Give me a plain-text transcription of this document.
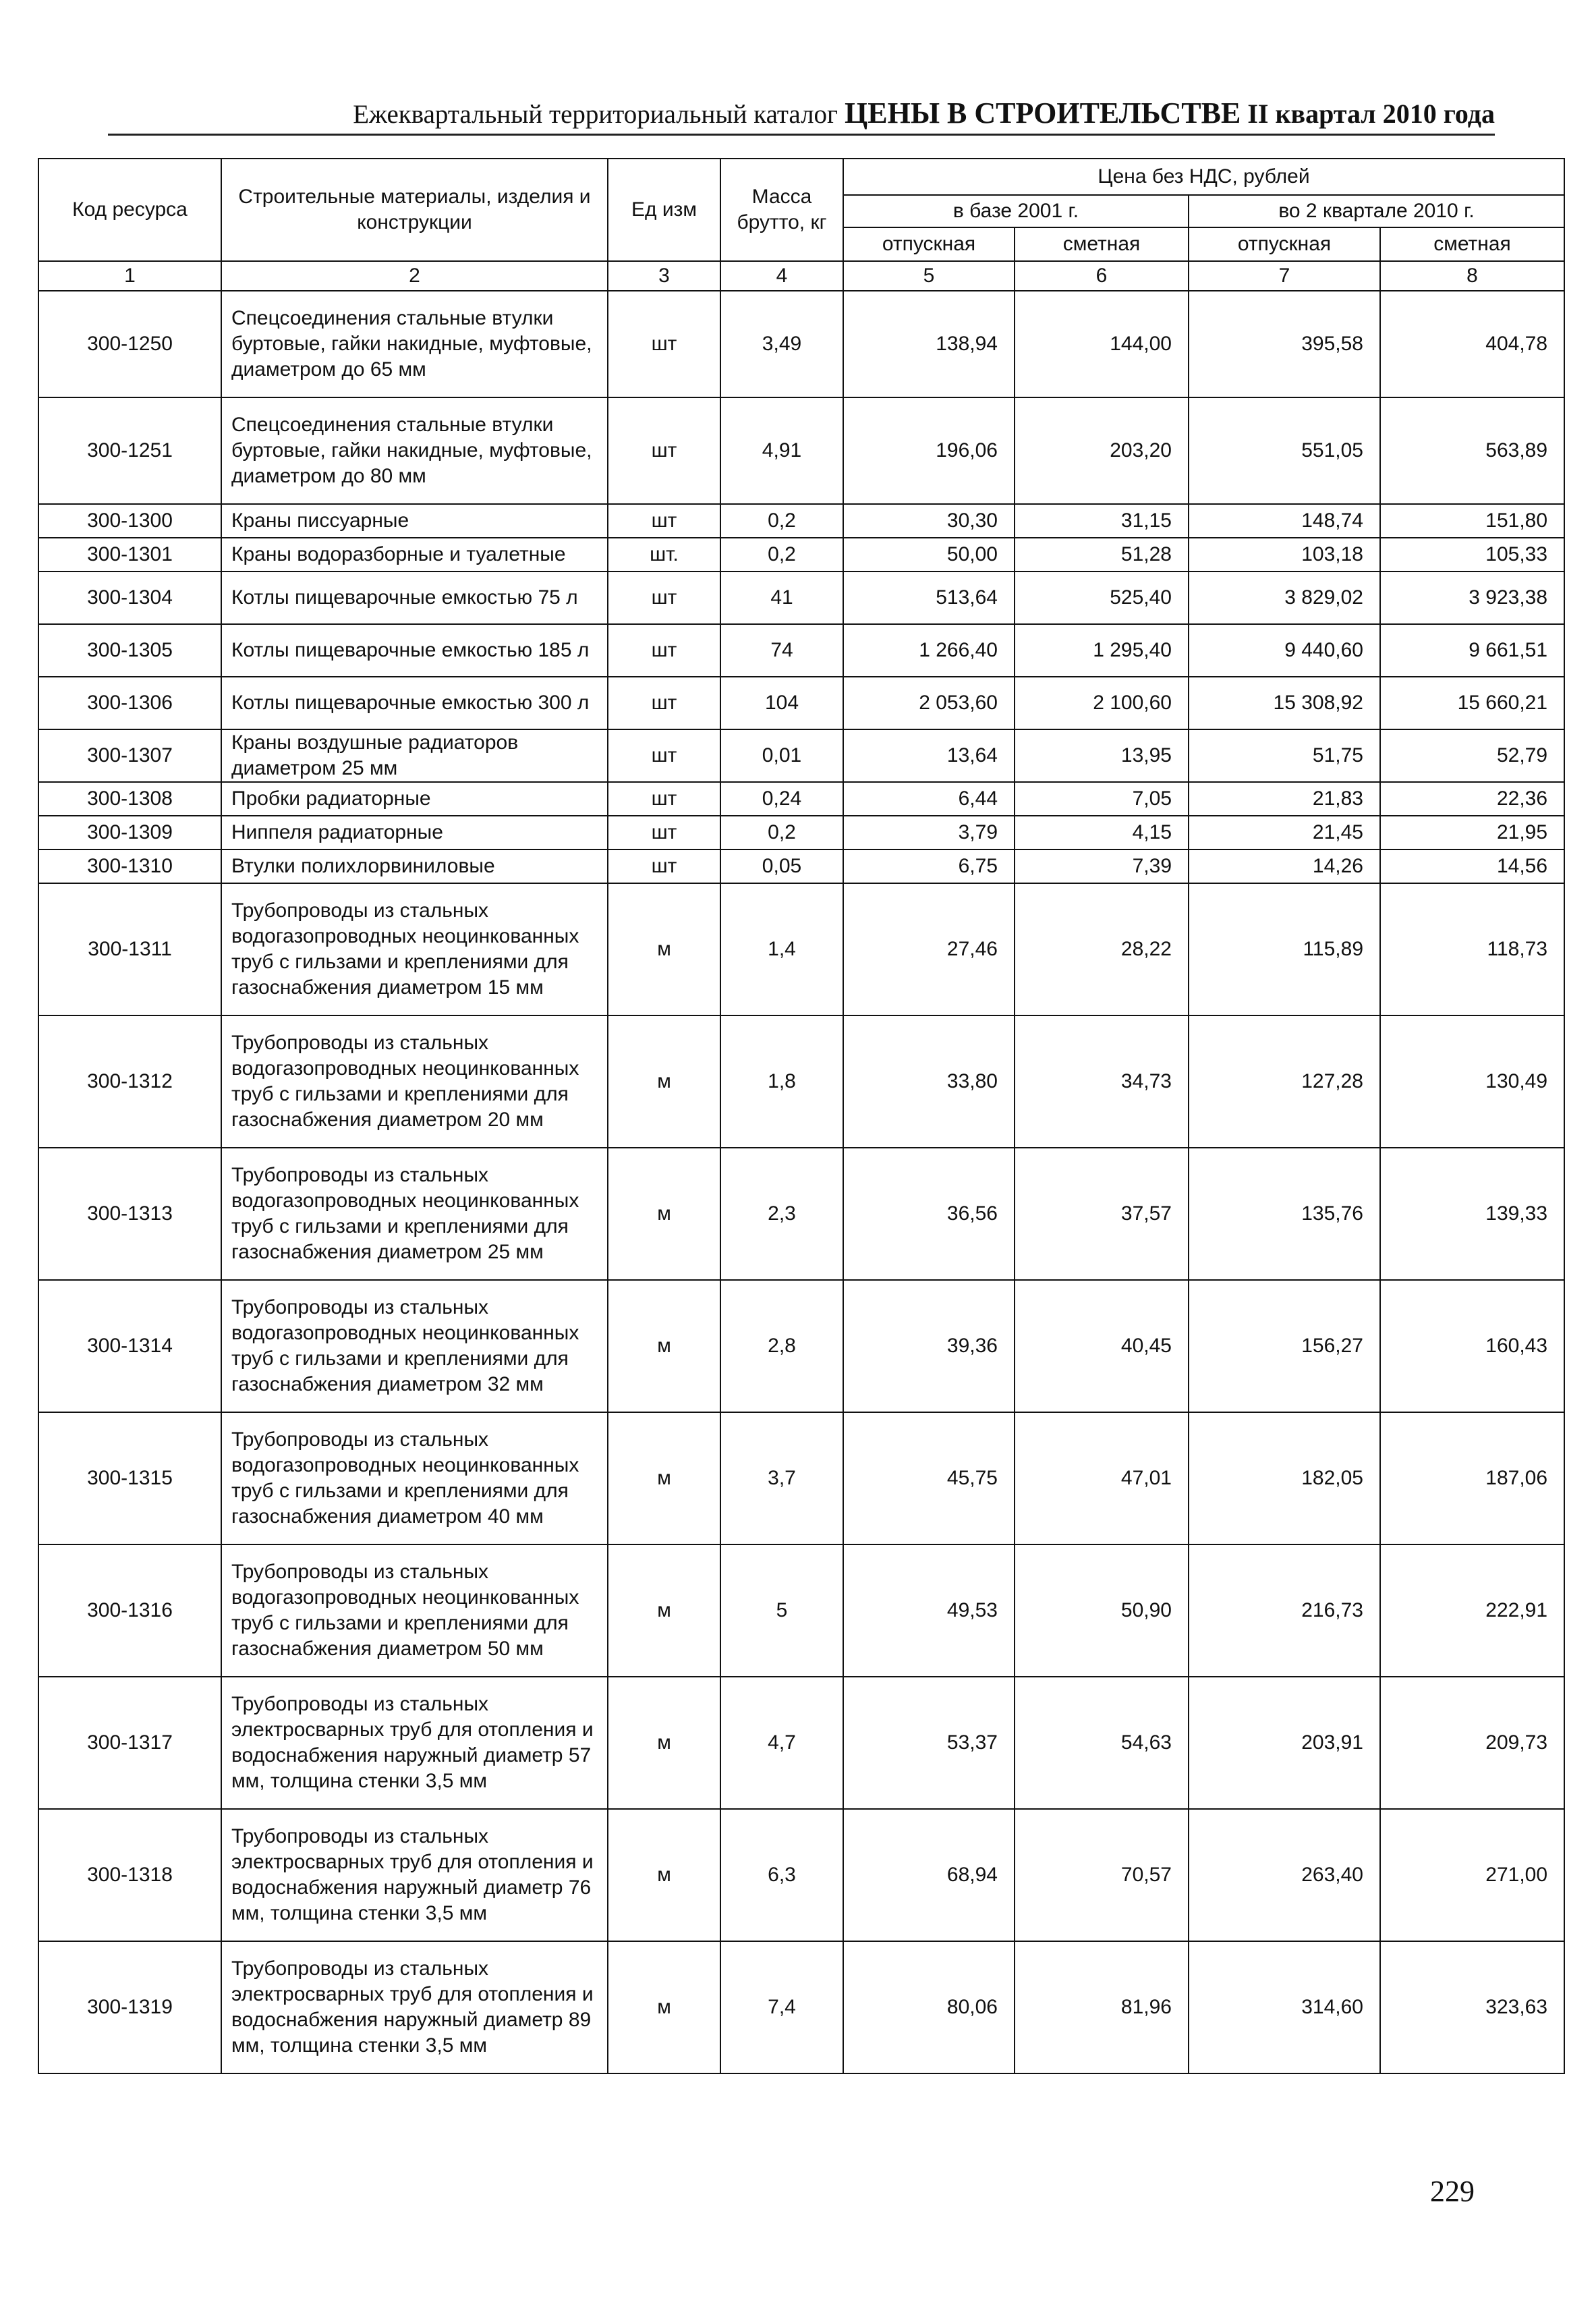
Ежеквартальный территориальный каталог ЦЕНЫ В СТРОИТЕЛЬСТВЕ II квартал 2010 года
Код ресурса	Строительные материалы, изделия и конструкции	Ед изм	Масса брутто, кг	Цена без НДС, рублей			
				в базе 2001 г.		во 2 квартале 2010 г.	
				отпускная	сметная	отпускная	сметная
1	2	3	4	5	6	7	8
300-1250	Спецсоединения стальные втулки буртовые, гайки накидные, муфтовые, диаметром до 65 мм	шт	3,49	138,94	144,00	395,58	404,78
300-1251	Спецсоединения стальные втулки буртовые, гайки накидные, муфтовые, диаметром до 80 мм	шт	4,91	196,06	203,20	551,05	563,89
300-1300	Краны писсуарные	шт	0,2	30,30	31,15	148,74	151,80
300-1301	Краны водоразборные и туалетные	шт.	0,2	50,00	51,28	103,18	105,33
300-1304	Котлы пищеварочные емкостью 75 л	шт	41	513,64	525,40	3 829,02	3 923,38
300-1305	Котлы пищеварочные емкостью 185 л	шт	74	1 266,40	1 295,40	9 440,60	9 661,51
300-1306	Котлы пищеварочные емкостью 300 л	шт	104	2 053,60	2 100,60	15 308,92	15 660,21
300-1307	Краны воздушные радиаторов диаметром 25 мм	шт	0,01	13,64	13,95	51,75	52,79
300-1308	Пробки радиаторные	шт	0,24	6,44	7,05	21,83	22,36
300-1309	Ниппеля радиаторные	шт	0,2	3,79	4,15	21,45	21,95
300-1310	Втулки полихлорвиниловые	шт	0,05	6,75	7,39	14,26	14,56
300-1311	Трубопроводы из стальных водогазопроводных неоцинкованных труб с гильзами и креплениями для газоснабжения диаметром 15 мм	м	1,4	27,46	28,22	115,89	118,73
300-1312	Трубопроводы из стальных водогазопроводных неоцинкованных труб с гильзами и креплениями для газоснабжения диаметром 20 мм	м	1,8	33,80	34,73	127,28	130,49
300-1313	Трубопроводы из стальных водогазопроводных неоцинкованных труб с гильзами и креплениями для газоснабжения диаметром 25 мм	м	2,3	36,56	37,57	135,76	139,33
300-1314	Трубопроводы из стальных водогазопроводных неоцинкованных труб с гильзами и креплениями для газоснабжения диаметром 32 мм	м	2,8	39,36	40,45	156,27	160,43
300-1315	Трубопроводы из стальных водогазопроводных неоцинкованных труб с гильзами и креплениями для газоснабжения диаметром 40 мм	м	3,7	45,75	47,01	182,05	187,06
300-1316	Трубопроводы из стальных водогазопроводных неоцинкованных труб с гильзами и креплениями для газоснабжения диаметром 50 мм	м	5	49,53	50,90	216,73	222,91
300-1317	Трубопроводы из стальных электросварных труб для отопления и водоснабжения наружный диаметр 57 мм, толщина стенки 3,5 мм	м	4,7	53,37	54,63	203,91	209,73
300-1318	Трубопроводы из стальных электросварных труб для отопления и водоснабжения наружный диаметр 76 мм, толщина стенки 3,5 мм	м	6,3	68,94	70,57	263,40	271,00
300-1319	Трубопроводы из стальных электросварных труб для отопления и водоснабжения наружный диаметр 89 мм, толщина стенки 3,5 мм	м	7,4	80,06	81,96	314,60	323,63
229
